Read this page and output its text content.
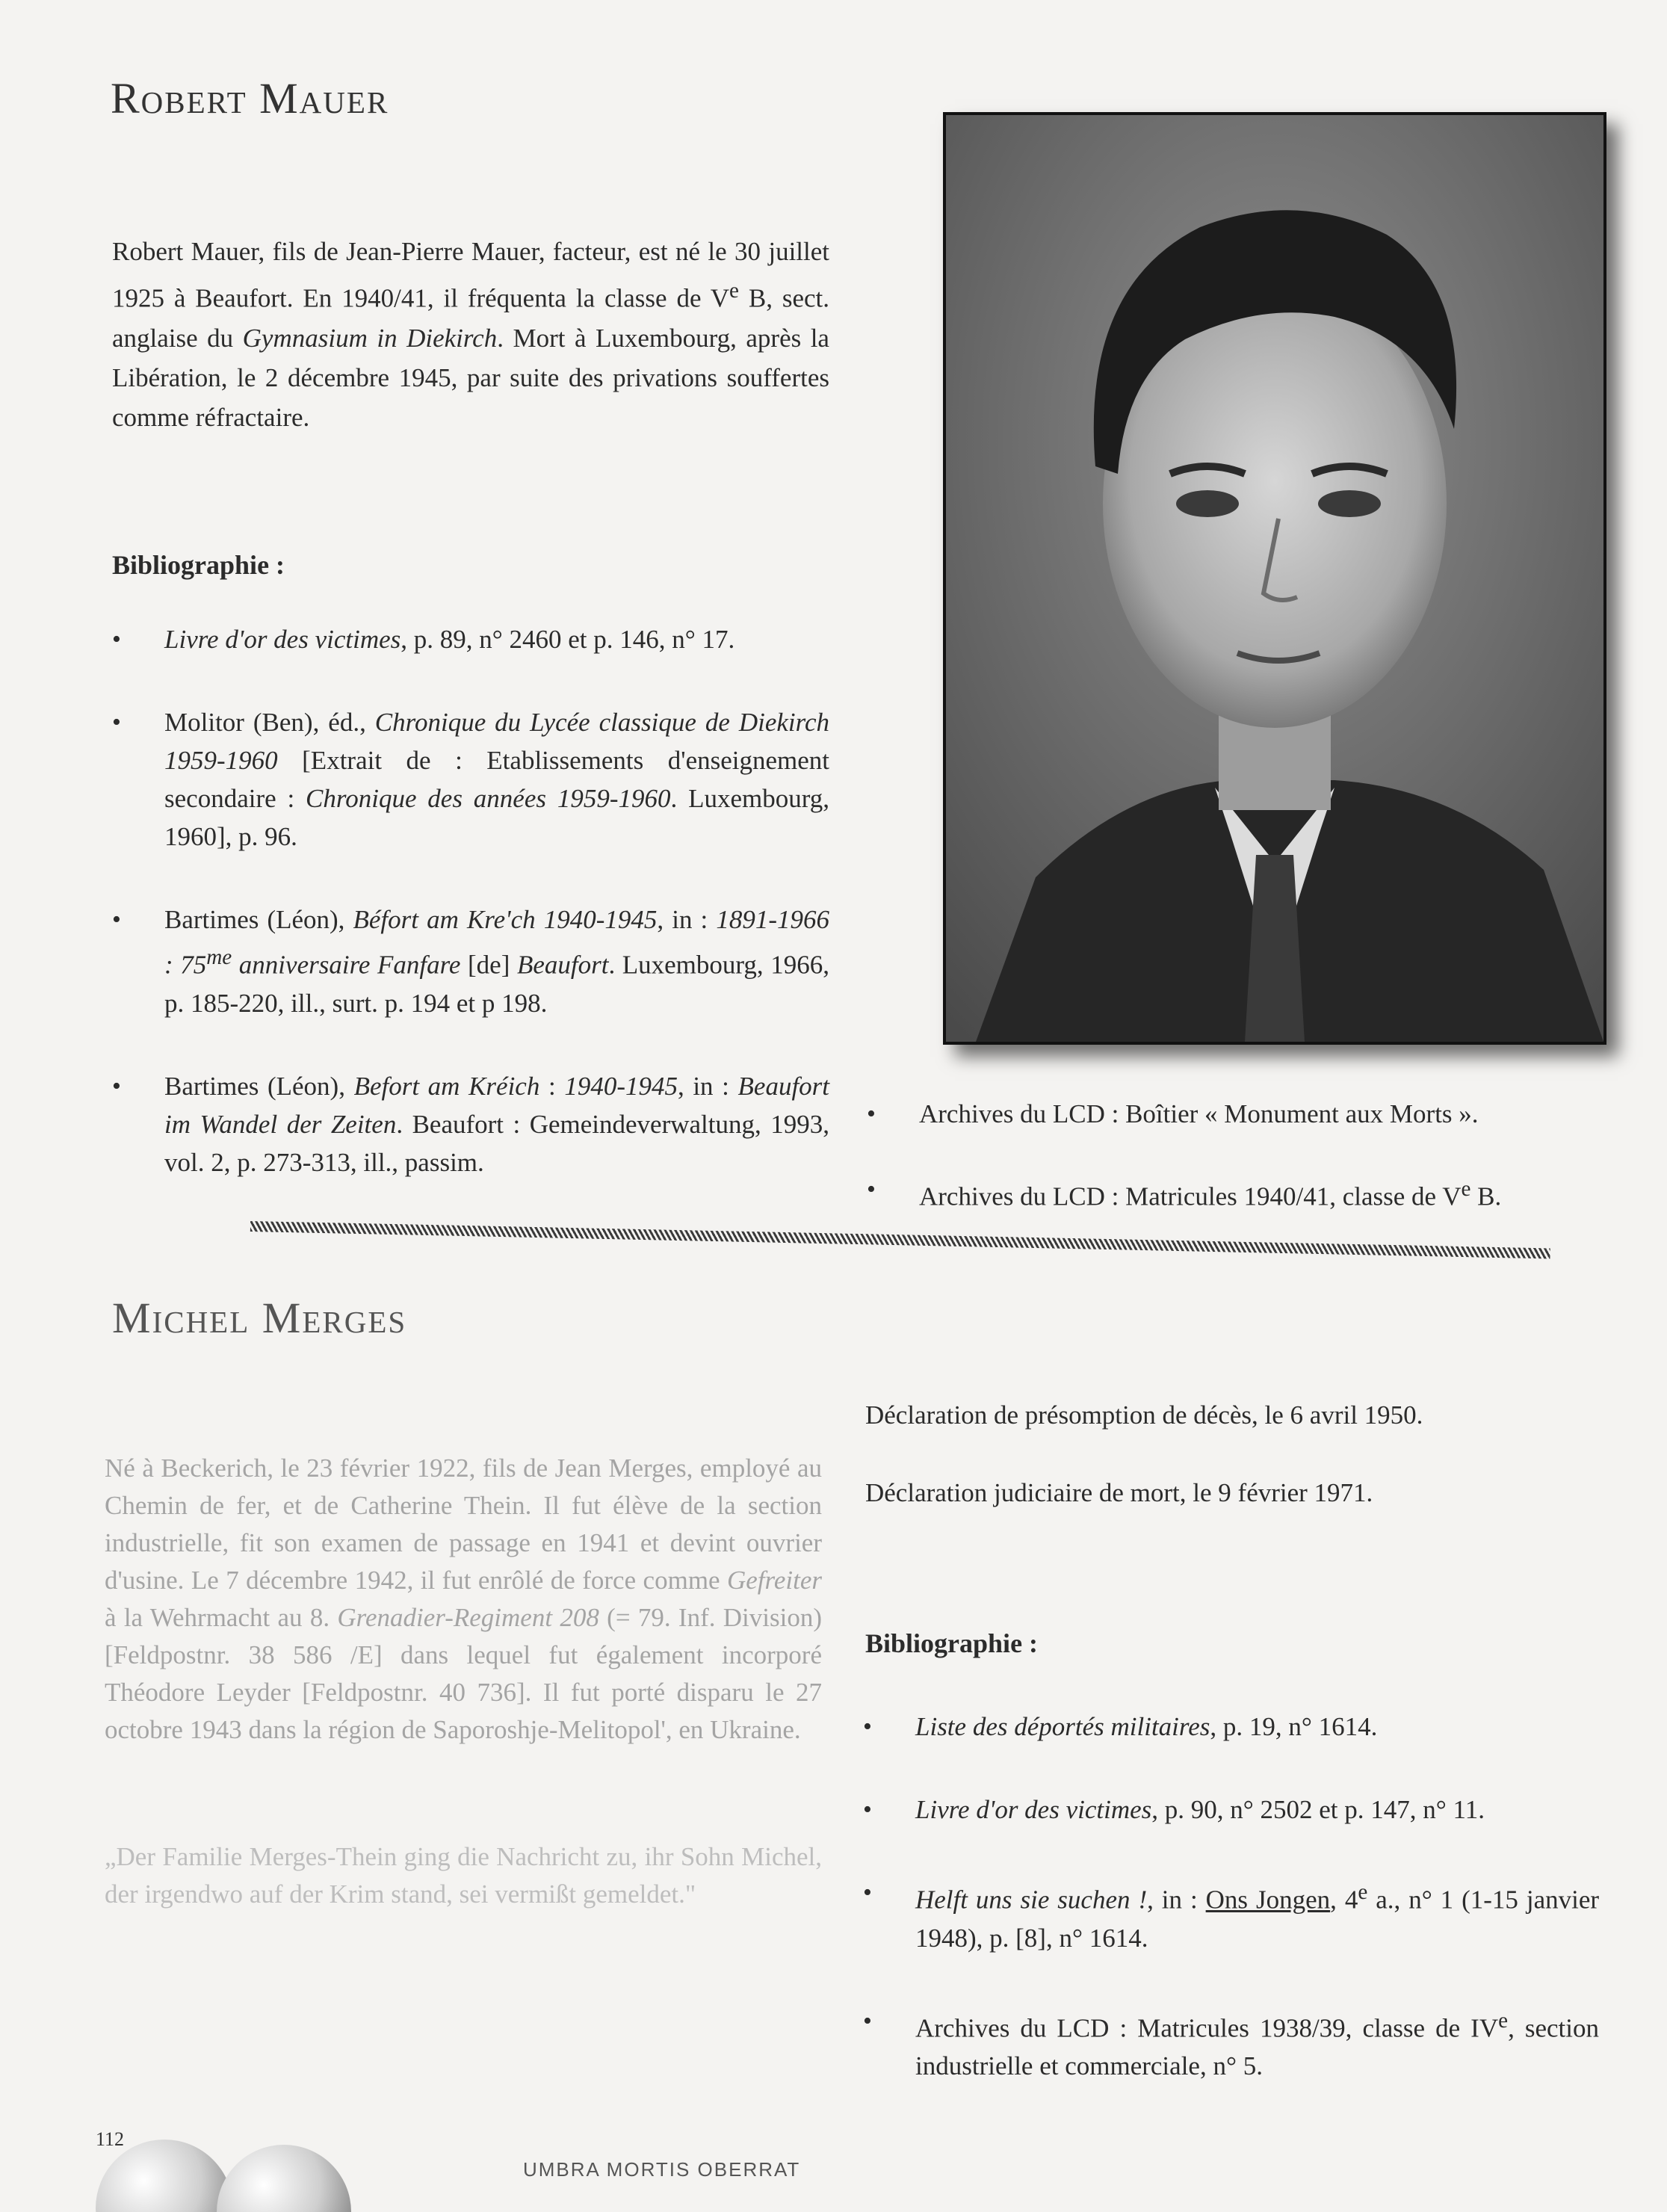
Robert Mauer
Robert Mauer, fils de Jean-Pierre Mauer, facteur, est né le 30 juillet 1925 à Beaufort. En 1940/41, il fréquenta la classe de Ve B, sect. anglaise du Gymnasium in Diekirch. Mort à Luxembourg, après la Libération, le 2 décembre 1945, par suite des privations souffertes comme réfractaire.
Bibliographie :
• Livre d'or des victimes, p. 89, n° 2460 et p. 146, n° 17.
• Molitor (Ben), éd., Chronique du Lycée classique de Diekirch 1959-1960 [Extrait de : Etablissements d'enseignement secondaire : Chronique des années 1959-1960. Luxembourg, 1960], p. 96.
• Bartimes (Léon), Béfort am Kre'ch 1940-1945, in : 1891-1966 : $75^{me}$ anniversaire Fanfare [de] Beaufort. Luxembourg, 1966, p. 185-220, ill., surt. p. 194 et p 198.
• Bartimes (Léon), Befort am Kréich : 1940-1945, in : Beaufort im Wandel der Zeiten. Beaufort : Gemeindeverwaltung, 1993, vol. 2, p. 273-313, ill., passim.
• Archives du LCD : Boîtier « Monument aux Morts ».
• Archives du LCD : Matricules 1940/41, classe de Ve B.
Michel Merges
Né à Beckerich, le 23 février 1922, fils de Jean Merges, employé au Chemin de fer, et de Catherine Thein. Il fut élève de la section industrielle, fit son examen de passage en 1941 et devint ouvrier d'usine. Le 7 décembre 1942, il fut enrôlé de force comme Gefreiter à la Wehrmacht au 8. Grenadier-Regiment 208 (= 79. Inf. Division) [Feldpostnr. 38 586 /E] dans lequel fut également incorporé Théodore Leyder [Feldpostnr. 40 736]. Il fut porté disparu le 27 octobre 1943 dans la région de Saporoshje-Melitopol', en Ukraine.
„Der Familie Merges-Thein ging die Nachricht zu, ihr Sohn Michel, der irgendwo auf der Krim stand, sei vermißt gemeldet."
Déclaration de présomption de décès, le 6 avril 1950.
Déclaration judiciaire de mort, le 9 février 1971.
Bibliographie :
• Liste des déportés militaires, p. 19, n° 1614.
• Livre d'or des victimes, p. 90, n° 2502 et p. 147, n° 11.
• Helft uns sie suchen !, in : Ons Jongen, 4e a., n° 1 (1-15 janvier 1948), p. [8], n° 1614.
• Archives du LCD : Matricules 1938/39, classe de IVe, section industrielle et commerciale, n° 5.
112
UMBRA MORTIS OBERRAT
